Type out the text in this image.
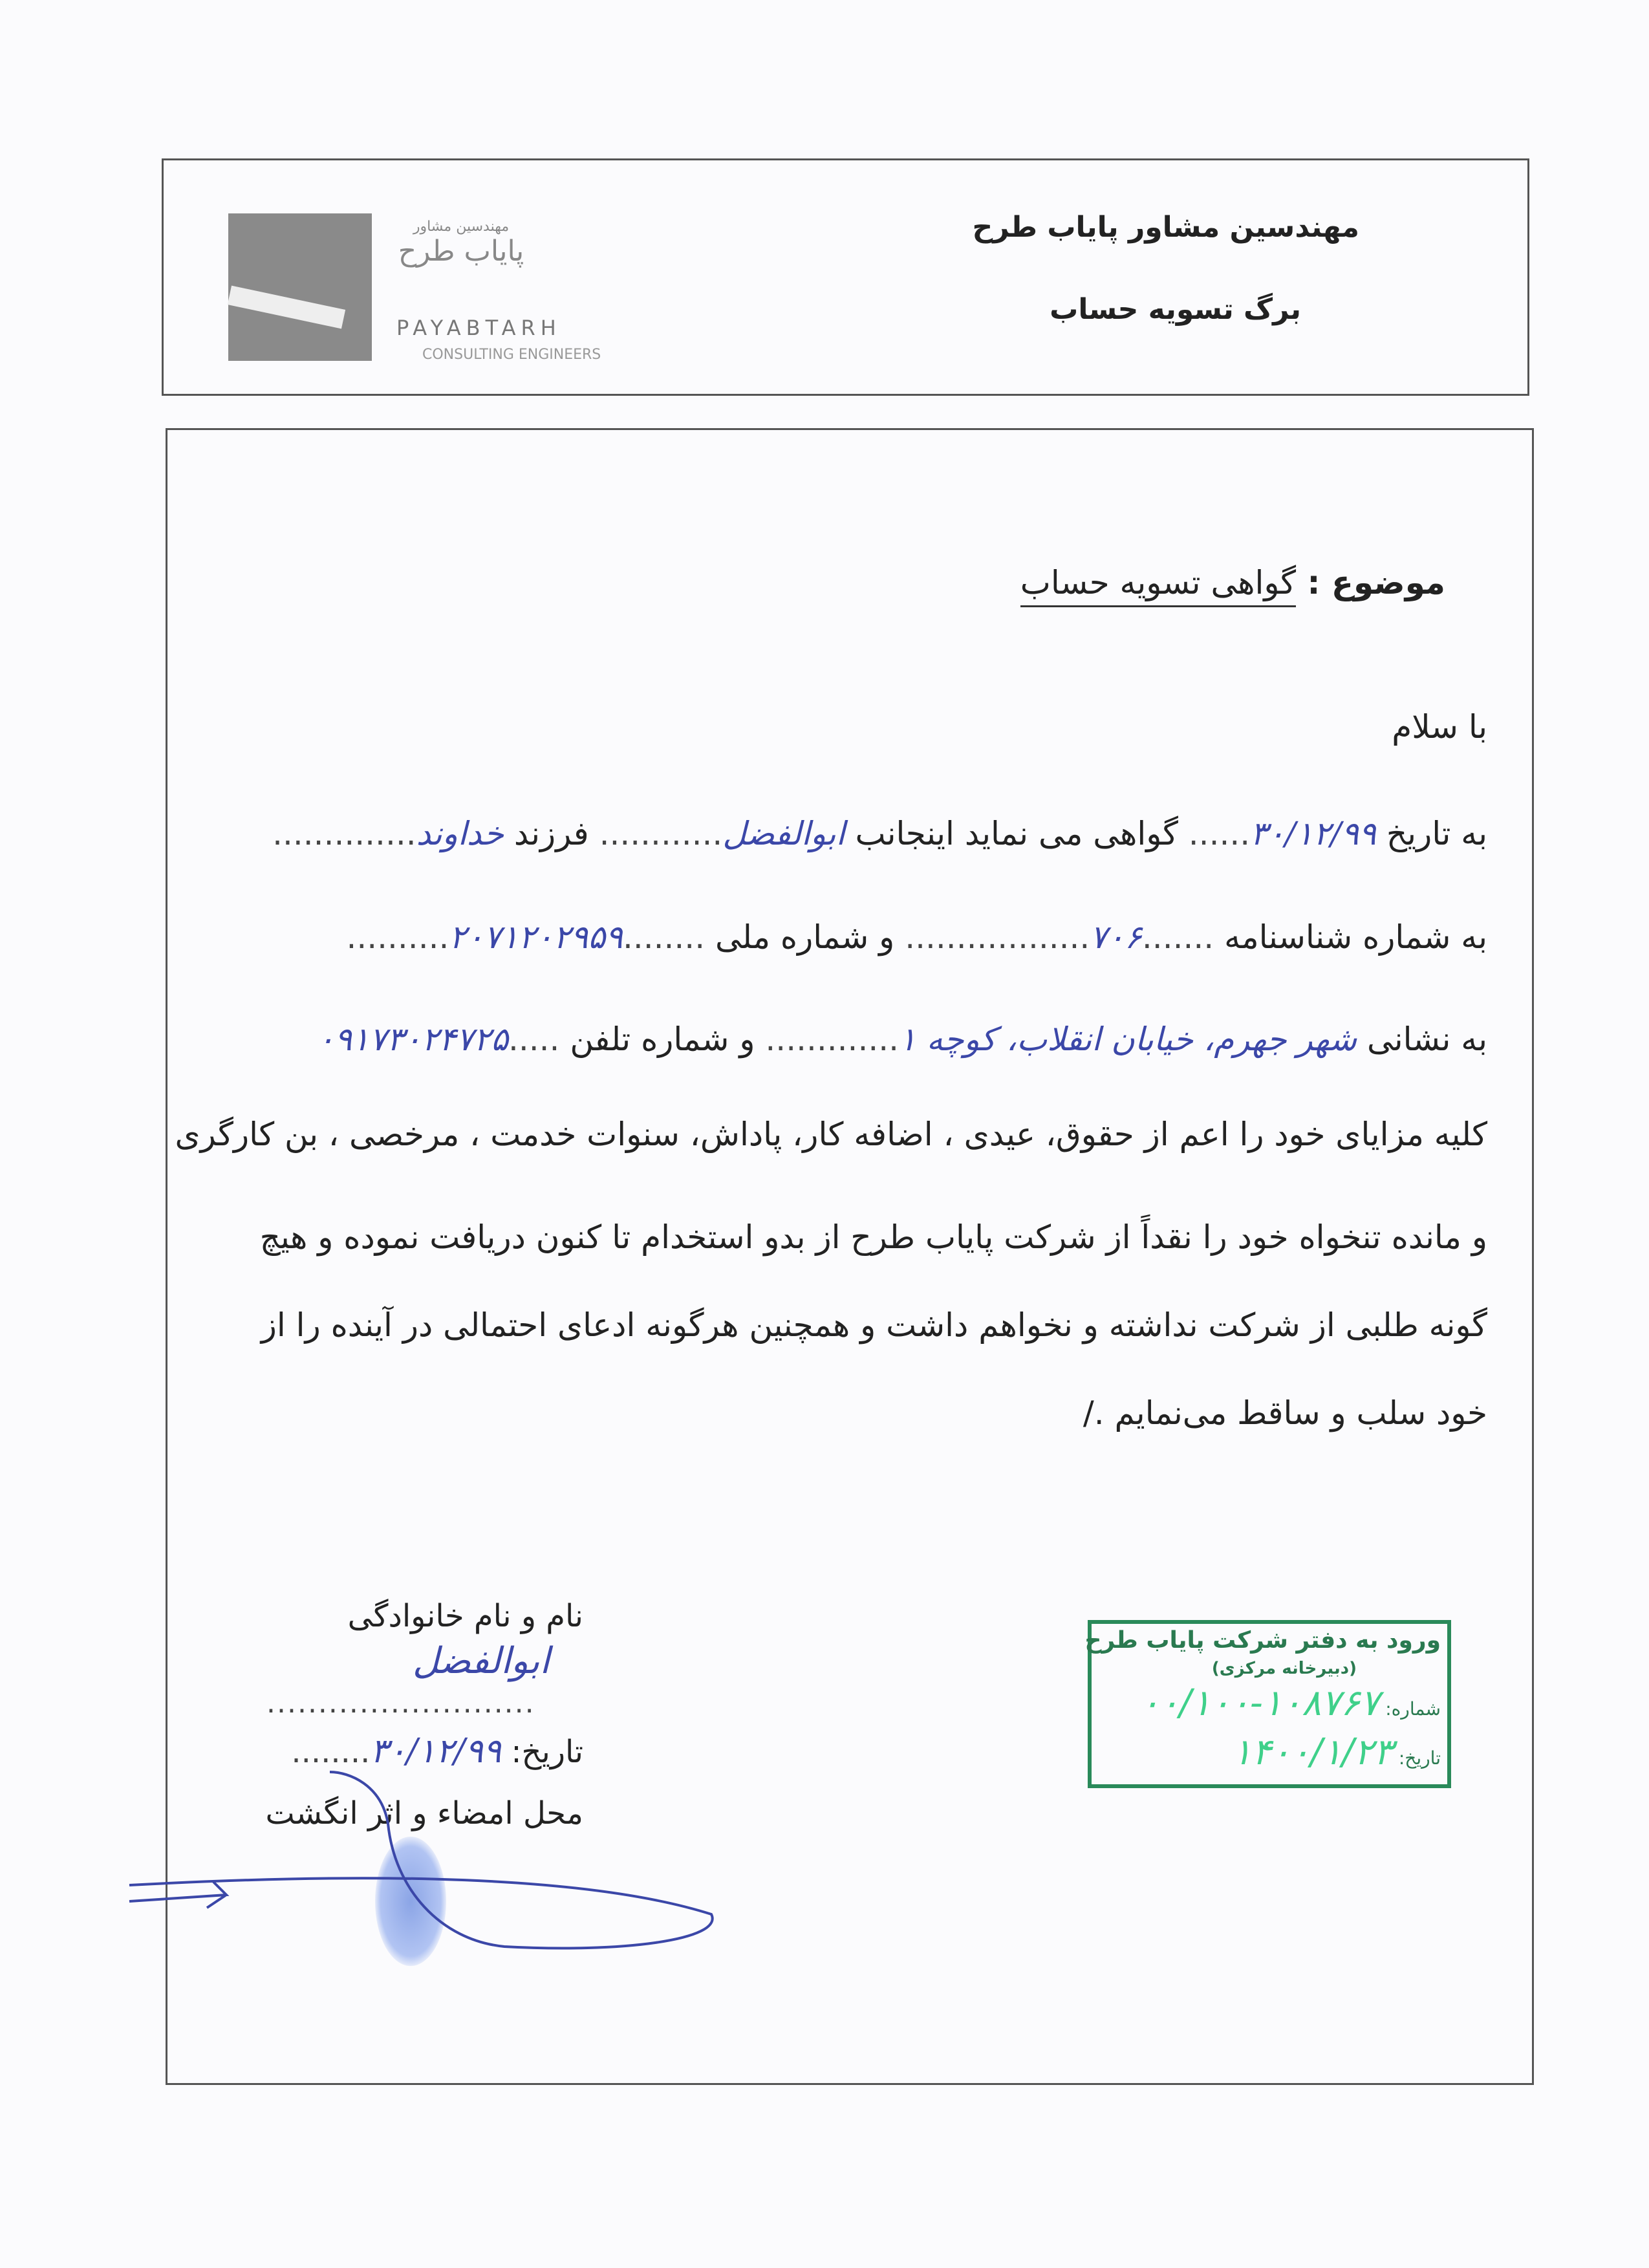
مهندسین مشاور
پایاب طرح
PAYABTARH
CONSULTING ENGINEERS
مهندسین مشاور پایاب طرح
برگ تسویه حساب
موضوع : گواهی تسویه حساب
با سلام
به تاریخ ۳۰/۱۲/۹۹...... گواهی می نماید اینجانب ابوالفضل............ فرزند خداوند..............
به شماره شناسنامه .......۷۰۶.................. و شماره ملی ........۲۰۷۱۲۰۲۹۵۹..........
به نشانی شهر جهرم، خیابان انقلاب، کوچه ۱............. و شماره تلفن .....۰۹۱۷۳۰۲۴۷۲۵
کلیه مزایای خود را اعم از حقوق، عیدی ، اضافه کار، پاداش، سنوات خدمت ، مرخصی ، بن کارگری
و مانده تنخواه خود را نقداً از شرکت پایاب طرح از بدو استخدام تا کنون دریافت نموده و هیچ
گونه طلبی از شرکت نداشته و نخواهم داشت و همچنین هرگونه ادعای احتمالی در آینده را از
خود سلب و ساقط می‌نمایم ./
نام و نام خانوادگی
ابوالفضل
..........................
تاریخ: ۳۰/۱۲/۹۹........
محل امضاء و اثر انگشت
ورود به دفتر شرکت پایاب طرح
(دبیرخانه مرکزی)
شماره: ۱۰۸۷۶۷-۰۰/۱۰۰
تاریخ: ۱۴۰۰/۱/۲۳
